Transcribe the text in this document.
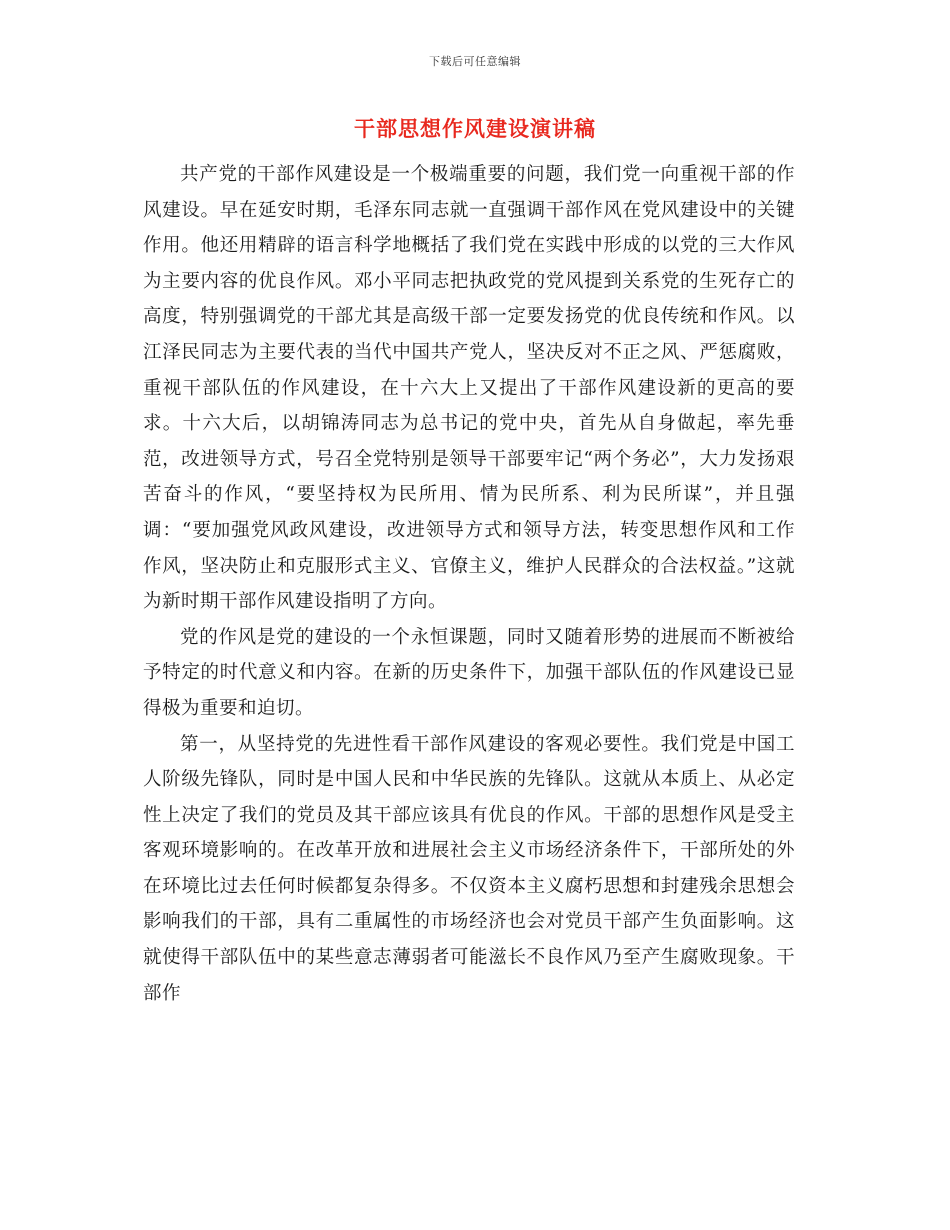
下载后可任意编辑
干部思想作风建设演讲稿

共产党的干部作风建设是一个极端重要的问题，我们党一向重视干部的作风建设。早在延安时期，毛泽东同志就一直强调干部作风在党风建设中的关键作用。他还用精辟的语言科学地概括了我们党在实践中形成的以党的三大作风为主要内容的优良作风。邓小平同志把执政党的党风提到关系党的生死存亡的高度，特别强调党的干部尤其是高级干部一定要发扬党的优良传统和作风。以江泽民同志为主要代表的当代中国共产党人，坚决反对不正之风、严惩腐败，重视干部队伍的作风建设，在十六大上又提出了干部作风建设新的更高的要求。十六大后，以胡锦涛同志为总书记的党中央，首先从自身做起，率先垂范，改进领导方式，号召全党特别是领导干部要牢记“两个务必”，大力发扬艰苦奋斗的作风，“要坚持权为民所用、情为民所系、利为民所谋”，并且强调：“要加强党风政风建设，改进领导方式和领导方法，转变思想作风和工作作风，坚决防止和克服形式主义、官僚主义，维护人民群众的合法权益。”这就为新时期干部作风建设指明了方向。

党的作风是党的建设的一个永恒课题，同时又随着形势的进展而不断被给予特定的时代意义和内容。在新的历史条件下，加强干部队伍的作风建设已显得极为重要和迫切。

第一，从坚持党的先进性看干部作风建设的客观必要性。我们党是中国工人阶级先锋队，同时是中国人民和中华民族的先锋队。这就从本质上、从必定性上决定了我们的党员及其干部应该具有优良的作风。干部的思想作风是受主客观环境影响的。在改革开放和进展社会主义市场经济条件下，干部所处的外在环境比过去任何时候都复杂得多。不仅资本主义腐朽思想和封建残余思想会影响我们的干部，具有二重属性的市场经济也会对党员干部产生负面影响。这就使得干部队伍中的某些意志薄弱者可能滋长不良作风乃至产生腐败现象。干部作
